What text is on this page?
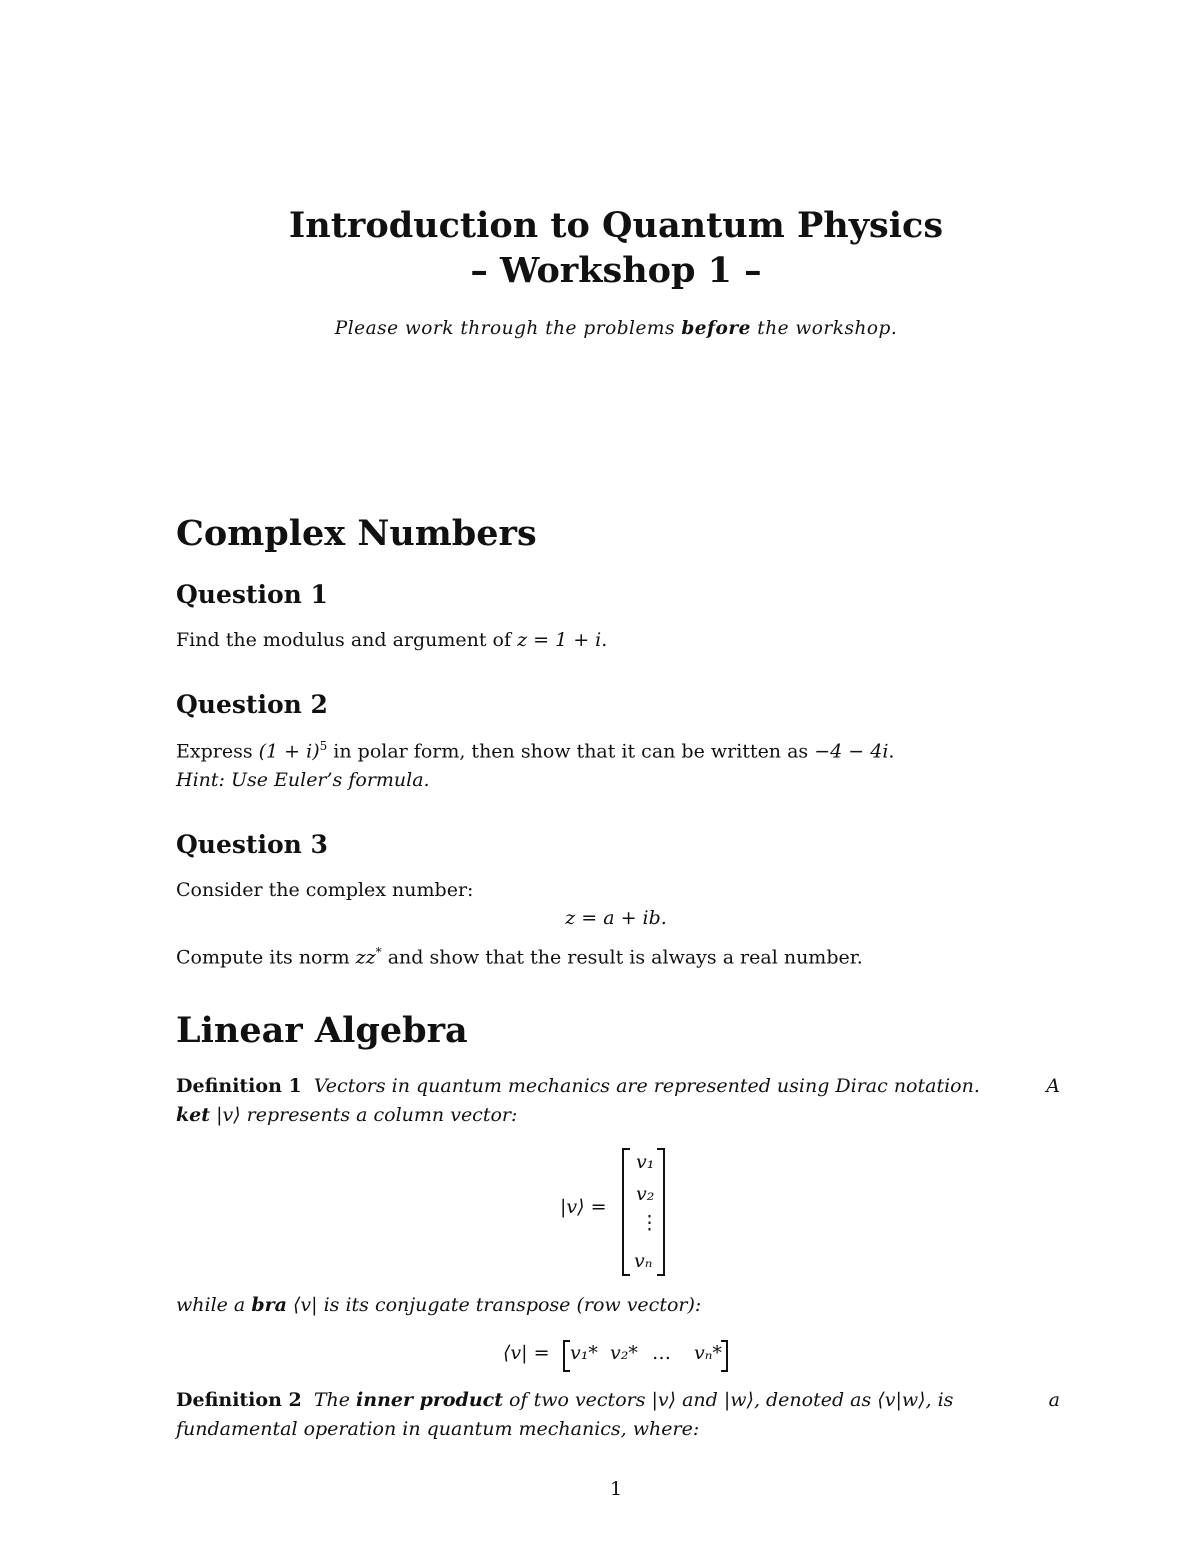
Introduction to Quantum Physics
– Workshop 1 –
Please work through the problems before the workshop.
Complex Numbers
Question 1
Find the modulus and argument of z = 1 + i.
Question 2
Express $(1 + i)^5$ in polar form, then show that it can be written as −4 − 4i.
Hint: Use Euler’s formula.
Question 3
Consider the complex number:
z = a + ib.
Compute its norm zz* and show that the result is always a real number.
Linear Algebra
Definition 1 Vectors in quantum mechanics are represented using Dirac notation.	A
ket |v⟩ represents a column vector:
|v⟩ =
v₁
v₂
⋮
vₙ
while a bra ⟨v| is its conjugate transpose (row vector):
⟨v| = v₁* v₂* … vₙ*
Definition 2 The inner product of two vectors |v⟩ and |w⟩, denoted as ⟨v|w⟩, is	a
fundamental operation in quantum mechanics, where:
1
